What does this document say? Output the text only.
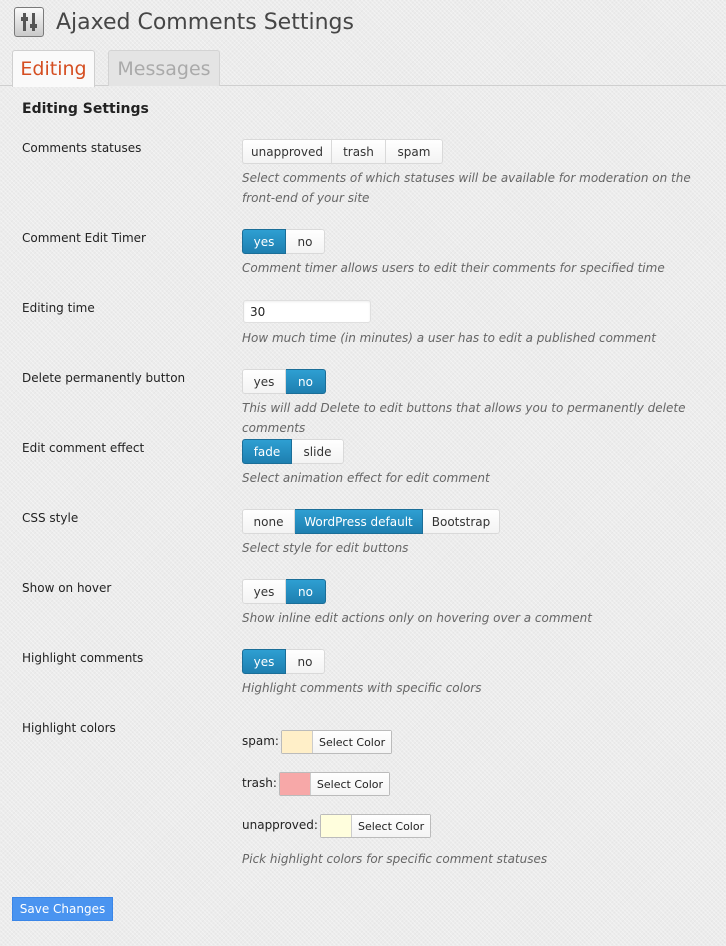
Ajaxed Comments Settings
Editing	Messages
Editing Settings
Comments statuses	unapproved	trash	spam

Select comments of which statuses will be available for moderation on the front-end of your site

Comment Edit Timer	yes	no

Comment timer allows users to edit their comments for specified time

Editing time
30

How much time (in minutes) a user has to edit a published comment

Delete permanently button	yes	no

This will add Delete to edit buttons that allows you to permanently delete comments

Edit comment effect	fade	slide

Select animation effect for edit comment

CSS style	none	WordPress default	Bootstrap

Select style for edit buttons

Show on hover	yes	no

Show inline edit actions only on hovering over a comment

Highlight comments	yes	no

Highlight comments with specific colors

Highlight colors
spam:	Select Color
trash:	Select Color
unapproved:	Select Color

Pick highlight colors for specific comment statuses

Save Changes
